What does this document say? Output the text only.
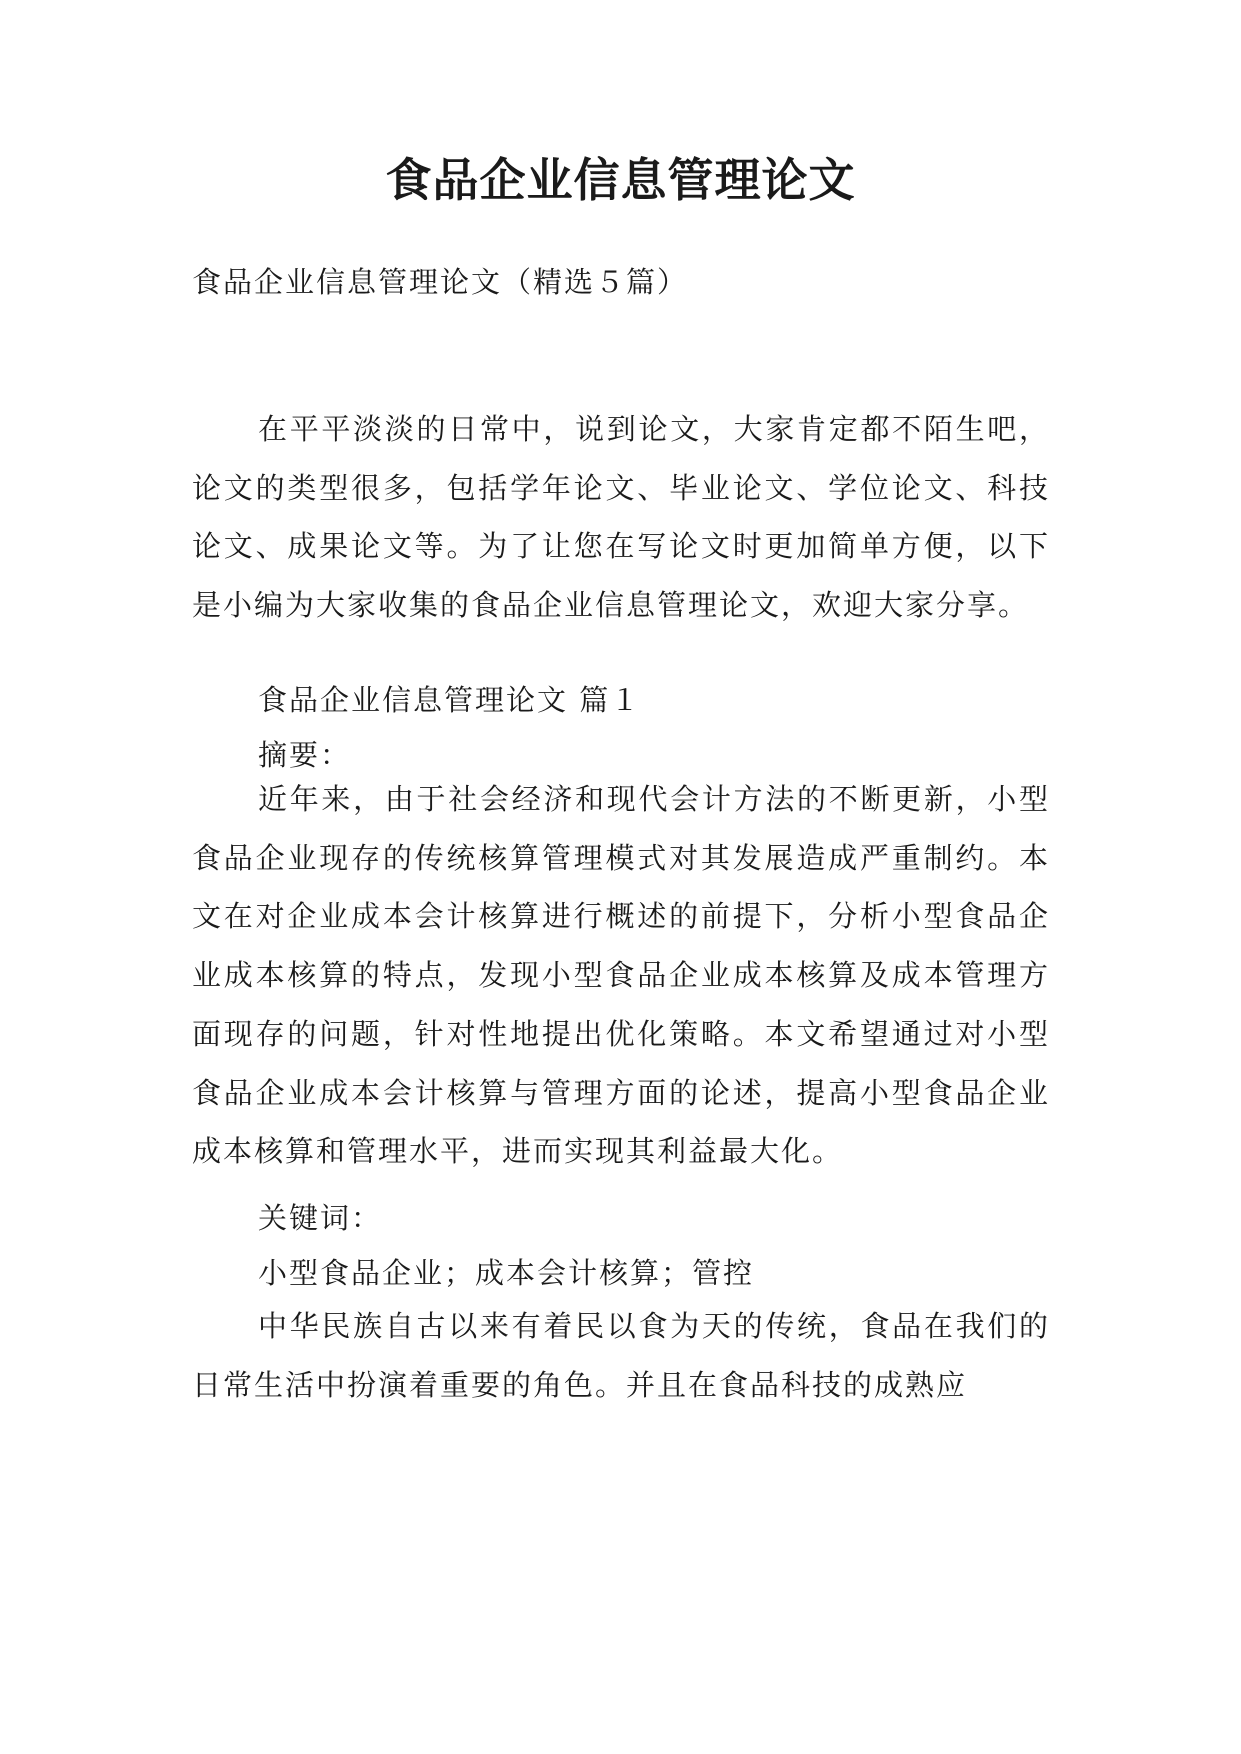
食品企业信息管理论文

食品企业信息管理论文（精选５篇）

在平平淡淡的日常中，说到论文，大家肯定都不陌生吧，论文的类型很多，包括学年论文、毕业论文、学位论文、科技论文、成果论文等。为了让您在写论文时更加简单方便，以下是小编为大家收集的食品企业信息管理论文，欢迎大家分享。

食品企业信息管理论文 篇１

摘要：

近年来，由于社会经济和现代会计方法的不断更新，小型食品企业现存的传统核算管理模式对其发展造成严重制约。本文在对企业成本会计核算进行概述的前提下，分析小型食品企业成本核算的特点，发现小型食品企业成本核算及成本管理方面现存的问题，针对性地提出优化策略。本文希望通过对小型食品企业成本会计核算与管理方面的论述，提高小型食品企业成本核算和管理水平，进而实现其利益最大化。

关键词：

小型食品企业；成本会计核算；管控

中华民族自古以来有着民以食为天的传统，食品在我们的日常生活中扮演着重要的角色。并且在食品科技的成熟应
